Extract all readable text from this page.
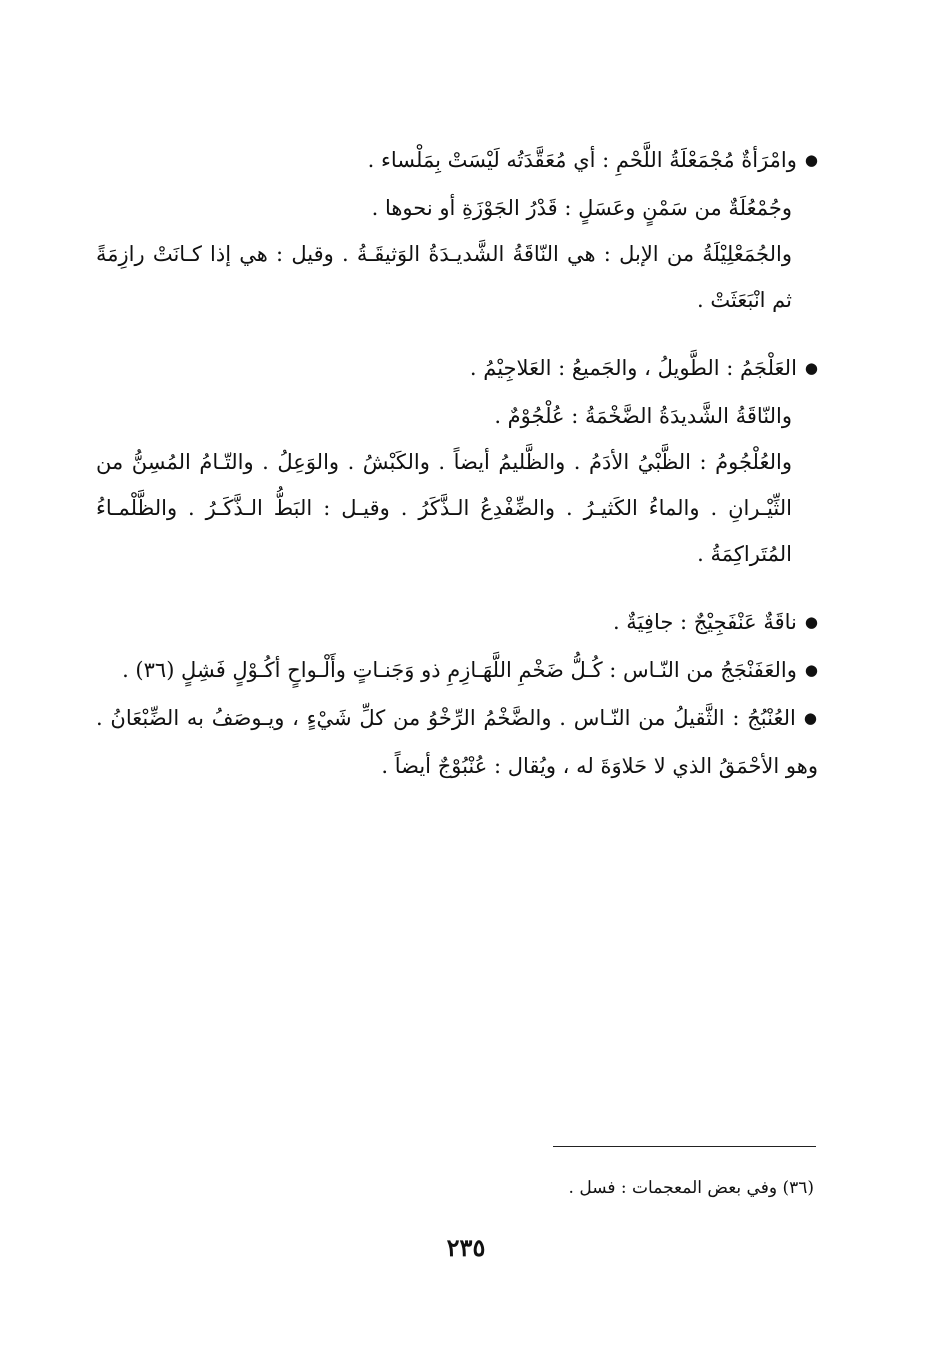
● وامْرَأةٌ مُجْمَعْلَةُ اللَّحْمِ : أي مُعَقَّدَتُه لَيْسَتْ بِمَلْساء .

وجُمْعُلَةٌ من سَمْنٍ وعَسَلٍ : قَدْرُ الجَوْزَةِ أو نحوها .

والجُمَعْلِيْلَةُ من الإبل : هي النّاقَةُ الشَّديـدَةُ الوَثيقَـةُ . وقيل : هي إذا كـانَتْ رازِمَةً ثم انْبَعَثَتْ .

● العَلْجَمُ : الطَّويلُ ، والجَميعُ : العَلاجِيْمُ .

والنّاقَةُ الشَّديدَةُ الضَّخْمَةُ : عُلْجُوْمٌ .

والعُلْجُومُ : الظَّبْيُ الأدَمُ . والظَّليمُ أيضاً . والكَبْشُ . والوَعِلُ . والتّـامُ المُسِنُّ من الثِّيْـرانِ . والماءُ الكَثيـرُ . والضِّفْدِعُ الـذَّكَرُ . وقيـل : البَطُّ الـذَّكَـرُ . والظَّلْمـاءُ المُتَراكِمَةُ .

● ناقَةٌ عَنْفَجِيْجٌ : جافِيَةٌ .

● والعَفَنْجَجُ من النّـاس : كُـلُّ ضَخْمِ اللَّهَـازِمِ ذو وَجَنـاتٍ وأَلْـواحٍ أكُـوْلٍ فَشِلٍ (٣٦) .

● العُنْبُجُ : الثَّقيلُ من النّـاس . والضَّخْمُ الرِّخْوُ من كلِّ شَيْءٍ ، ويـوصَفُ به الضِّبْعَانُ . وهو الأحْمَقُ الذي لا حَلاوَةَ له ، ويُقال : عُنْبُوْجٌ أيضاً .

(٣٦) وفي بعض المعجمات : فسل .
٢٣٥
